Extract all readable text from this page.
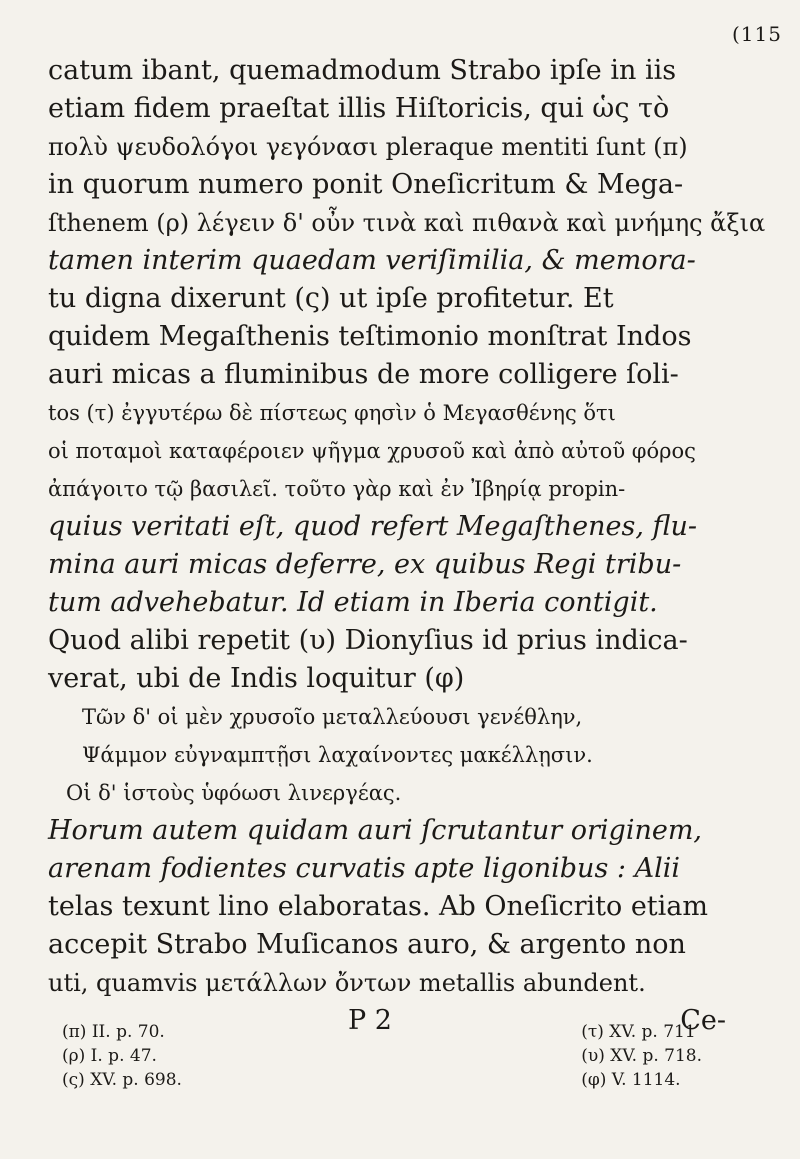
(115
catum ibant, quemadmodum Strabo ipſe in iis
etiam fidem praeſtat illis Hiſtoricis, qui ὡς τὸ
πολὺ ψευδολόγοι γεγόνασι pleraque mentiti ſunt (π)
in quorum numero ponit Oneſicritum & Mega-
ſthenem (ρ) λέγειν δ' οὖν τινὰ καὶ πιθανὰ καὶ μνήμης ἄξια
tamen interim quaedam veriſimilia, & memora-
tu digna dixerunt (ς) ut ipſe profitetur. Et
quidem Megaſthenis teſtimonio monſtrat Indos
auri micas a fluminibus de more colligere ſoli-
tos (τ) ἐγγυτέρω δὲ πίστεως φησὶν ὁ Μεγασθένης ὅτι
οἱ ποταμοὶ καταφέροιεν ψῆγμα χρυσοῦ καὶ ἀπὸ αὐτοῦ φόρος
ἀπάγοιτο τῷ βασιλεῖ. τοῦτο γὰρ καὶ ἐν Ἰβηρίᾳ propin-
quius veritati eſt, quod refert Megaſthenes, flu-
mina auri micas deferre, ex quibus Regi tribu-
tum advehebatur. Id etiam in Iberia contigit.
Quod alibi repetit (υ) Dionyſius id prius indica-
verat, ubi de Indis loquitur (φ)
Τῶν δ' οἱ μὲν χρυσοῖο μεταλλεύουσι γενέθλην,
Ψάμμον εὐγναμπτῇσι λαχαίνοντες μακέλλῃσιν.
Οἱ δ' ἱστοὺς ὑφόωσι λινεργέας.
Horum autem quidam auri ſcrutantur originem,
arenam fodientes curvatis apte ligonibus : Alii
telas texunt lino elaboratas. Ab Oneſicrito etiam
accepit Strabo Muſicanos auro, & argento non
uti, quamvis μετάλλων ὄντων metallis abundent.
P 2	Ce-
(π) II. p. 70.
(ρ) I. p. 47.
(ς) XV. p. 698.
(τ) XV. p. 711
(υ) XV. p. 718.
(φ) V. 1114.
